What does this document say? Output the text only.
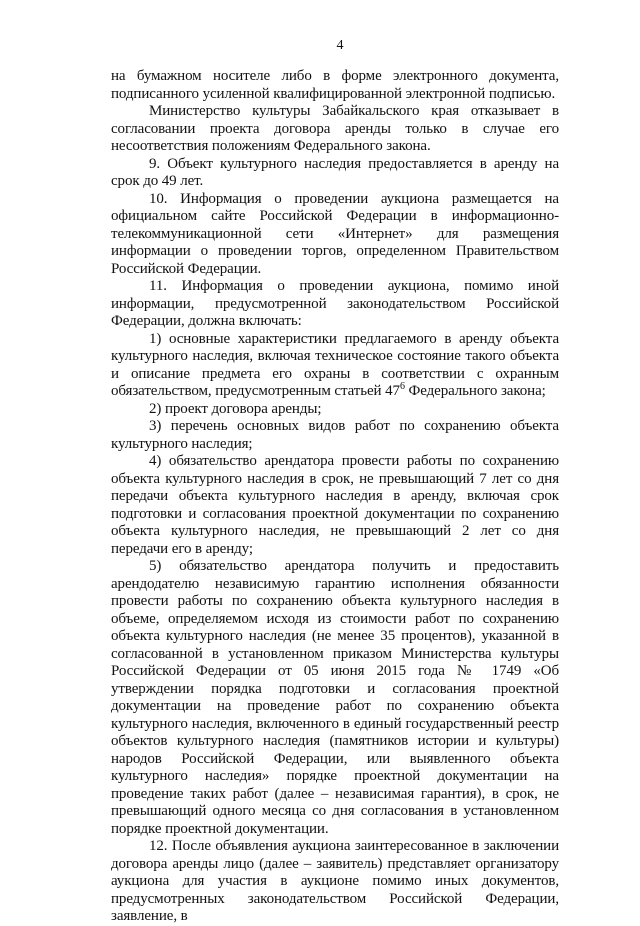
4

на бумажном носителе либо в форме электронного документа, подписанного усиленной квалифицированной электронной подписью.

Министерство культуры Забайкальского края отказывает в согласовании проекта договора аренды только в случае его несоответствия положениям Федерального закона.

9. Объект культурного наследия предоставляется в аренду на срок до 49 лет.

10. Информация о проведении аукциона размещается на официальном сайте Российской Федерации в информационно-телекоммуникационной сети «Интернет» для размещения информации о проведении торгов, определенном Правительством Российской Федерации.

11. Информация о проведении аукциона, помимо иной информации, предусмотренной законодательством Российской Федерации, должна включать:

1) основные характеристики предлагаемого в аренду объекта культурного наследия, включая техническое состояние такого объекта и описание предмета его охраны в соответствии с охранным обязательством, предусмотренным статьей $47^6$ Федерального закона;

2) проект договора аренды;

3) перечень основных видов работ по сохранению объекта культурного наследия;

4) обязательство арендатора провести работы по сохранению объекта культурного наследия в срок, не превышающий 7 лет со дня передачи объекта культурного наследия в аренду, включая срок подготовки и согласования проектной документации по сохранению объекта культурного наследия, не превышающий 2 лет со дня передачи его в аренду;

5) обязательство арендатора получить и предоставить арендодателю независимую гарантию исполнения обязанности провести работы по сохранению объекта культурного наследия в объеме, определяемом исходя из стоимости работ по сохранению объекта культурного наследия (не менее 35 процентов), указанной в согласованной в установленном приказом Министерства культуры Российской Федерации от 05 июня 2015 года № 1749 «Об утверждении порядка подготовки и согласования проектной документации на проведение работ по сохранению объекта культурного наследия, включенного в единый государственный реестр объектов культурного наследия (памятников истории и культуры) народов Российской Федерации, или выявленного объекта культурного наследия» порядке проектной документации на проведение таких работ (далее – независимая гарантия), в срок, не превышающий одного месяца со дня согласования в установленном порядке проектной документации.

12. После объявления аукциона заинтересованное в заключении договора аренды лицо (далее – заявитель) представляет организатору аукциона для участия в аукционе помимо иных документов, предусмотренных законодательством Российской Федерации, заявление, в
